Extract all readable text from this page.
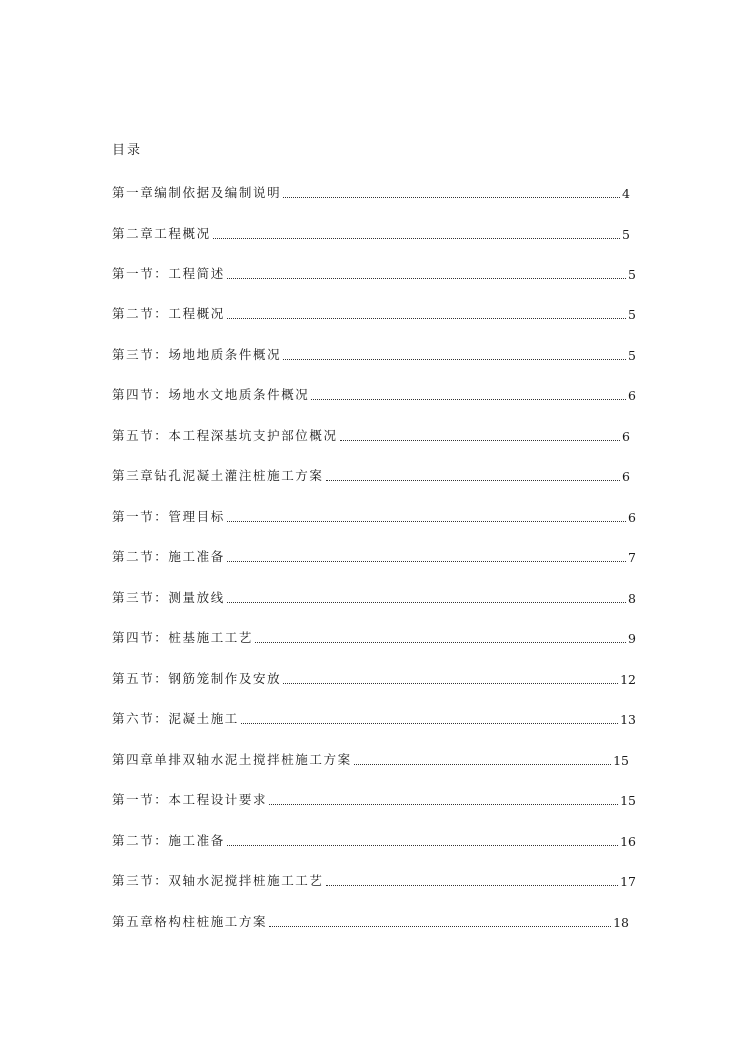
目录
第一章编制依据及编制说明	4
第二章工程概况	5
第一节：工程简述	5
第二节：工程概况	5
第三节：场地地质条件概况	5
第四节：场地水文地质条件概况	6
第五节：本工程深基坑支护部位概况	6
第三章钻孔泥凝土灌注桩施工方案	6
第一节：管理目标	6
第二节：施工准备	7
第三节：测量放线	8
第四节：桩基施工工艺	9
第五节：钢筋笼制作及安放	12
第六节：泥凝土施工	13
第四章单排双轴水泥土搅拌桩施工方案	15
第一节：本工程设计要求	15
第二节：施工准备	16
第三节：双轴水泥搅拌桩施工工艺	17
第五章格构柱桩施工方案	18
